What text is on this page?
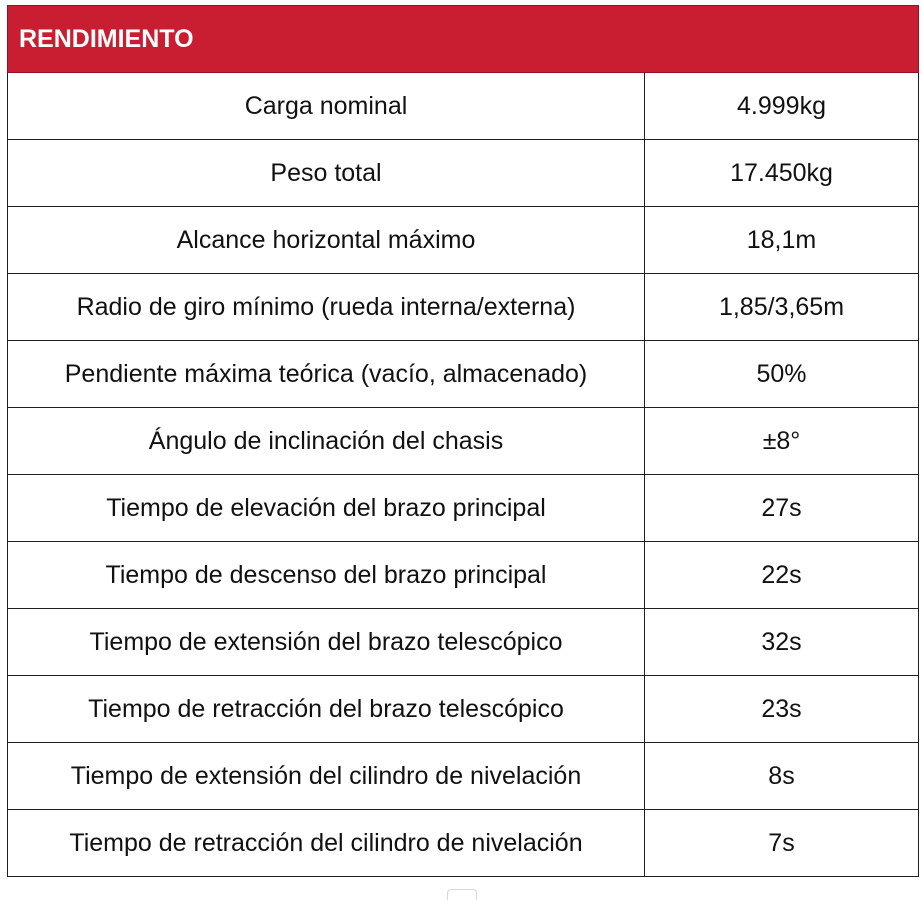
RENDIMIENTO	
Carga nominal	4.999kg
Peso total	17.450kg
Alcance horizontal máximo	18,1m
Radio de giro mínimo (rueda interna/externa)	1,85/3,65m
Pendiente máxima teórica (vacío, almacenado)	50%
Ángulo de inclinación del chasis	±8°
Tiempo de elevación del brazo principal	27s
Tiempo de descenso del brazo principal	22s
Tiempo de extensión del brazo telescópico	32s
Tiempo de retracción del brazo telescópico	23s
Tiempo de extensión del cilindro de nivelación	8s
Tiempo de retracción del cilindro de nivelación	7s
